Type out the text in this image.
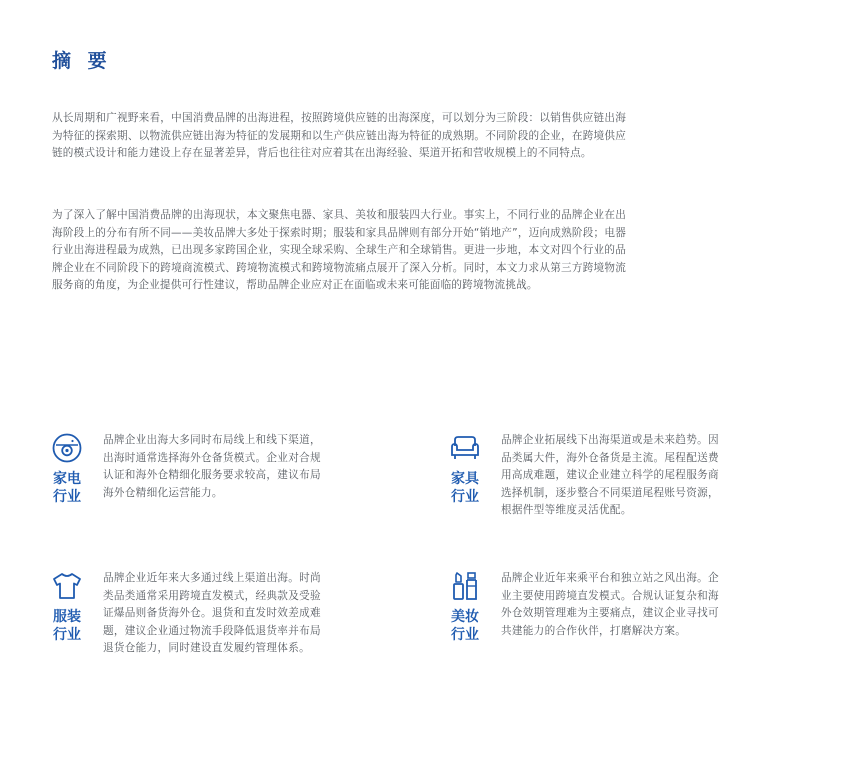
摘 要

从长周期和广视野来看，中国消费品牌的出海进程，按照跨境供应链的出海深度，可以划分为三阶段：以销售供应链出海为特征的探索期、以物流供应链出海为特征的发展期和以生产供应链出海为特征的成熟期。不同阶段的企业，在跨境供应链的模式设计和能力建设上存在显著差异，背后也往往对应着其在出海经验、渠道开拓和营收规模上的不同特点。

为了深入了解中国消费品牌的出海现状，本文聚焦电器、家具、美妆和服装四大行业。事实上，不同行业的品牌企业在出海阶段上的分布有所不同——美妆品牌大多处于探索时期；服装和家具品牌则有部分开始“销地产”，迈向成熟阶段；电器行业出海进程最为成熟，已出现多家跨国企业，实现全球采购、全球生产和全球销售。更进一步地，本文对四个行业的品牌企业在不同阶段下的跨境商流模式、跨境物流模式和跨境物流痛点展开了深入分析。同时，本文力求从第三方跨境物流服务商的角度，为企业提供可行性建议，帮助品牌企业应对正在面临或未来可能面临的跨境物流挑战。

家电
行业

品牌企业出海大多同时布局线上和线下渠道，出海时通常选择海外仓备货模式。企业对合规认证和海外仓精细化服务要求较高，建议布局海外仓精细化运营能力。

家具
行业

品牌企业拓展线下出海渠道或是未来趋势。因品类属大件，海外仓备货是主流。尾程配送费用高成难题，建议企业建立科学的尾程服务商选择机制，逐步整合不同渠道尾程账号资源，根据件型等维度灵活优配。

服装
行业

品牌企业近年来大多通过线上渠道出海。时尚类品类通常采用跨境直发模式，经典款及受验证爆品则备货海外仓。退货和直发时效差成难题，建议企业通过物流手段降低退货率并布局退货仓能力，同时建设直发履约管理体系。

美妆
行业

品牌企业近年来乘平台和独立站之风出海。企业主要使用跨境直发模式。合规认证复杂和海外仓效期管理难为主要痛点，建议企业寻找可共建能力的合作伙伴，打磨解决方案。
